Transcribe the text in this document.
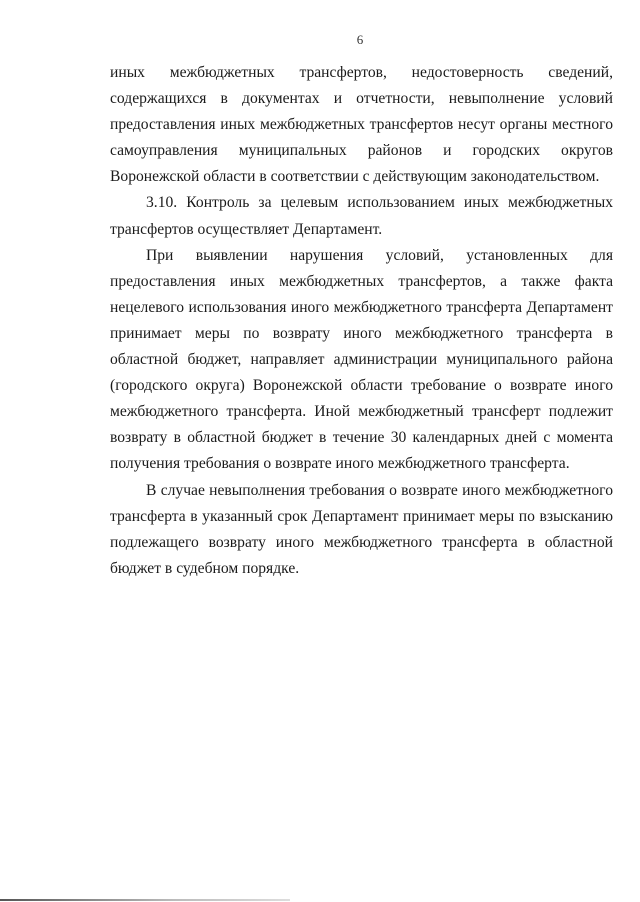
6

иных межбюджетных трансфертов, недостоверность сведений, содержащихся в документах и отчетности, невыполнение условий предоставления иных межбюджетных трансфертов несут органы местного самоуправления муниципальных районов и городских округов Воронежской области в соответствии с действующим законодательством.

3.10. Контроль за целевым использованием иных межбюджетных трансфертов осуществляет Департамент.

При выявлении нарушения условий, установленных для предоставления иных межбюджетных трансфертов, а также факта нецелевого использования иного межбюджетного трансферта Департамент принимает меры по возврату иного межбюджетного трансферта в областной бюджет, направляет администрации муниципального района (городского округа) Воронежской области требование о возврате иного межбюджетного трансферта. Иной межбюджетный трансферт подлежит возврату в областной бюджет в течение 30 календарных дней с момента получения требования о возврате иного межбюджетного трансферта.

В случае невыполнения требования о возврате иного межбюджетного трансферта в указанный срок Департамент принимает меры по взысканию подлежащего возврату иного межбюджетного трансферта в областной бюджет в судебном порядке.
